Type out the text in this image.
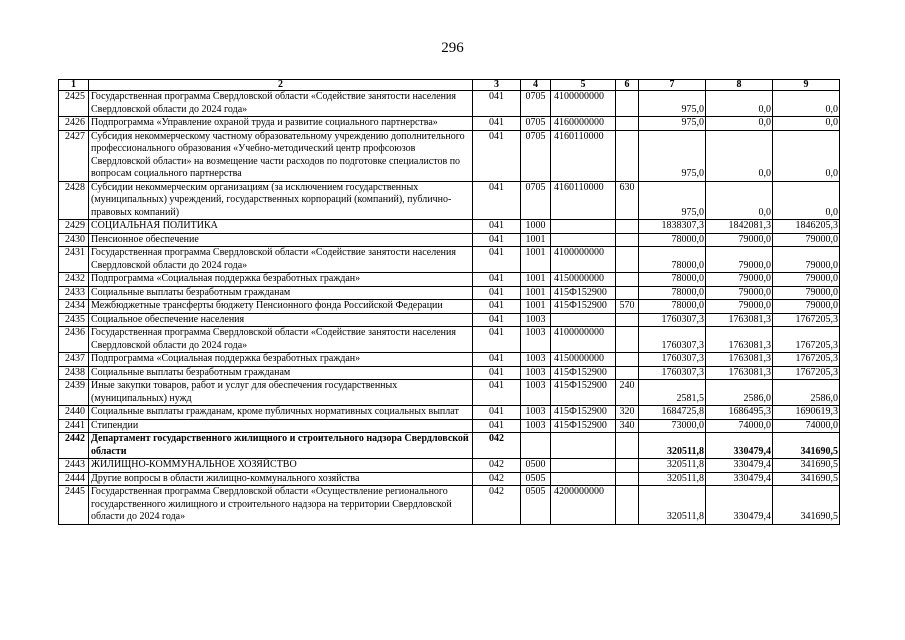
296
1	2	3	4	5	6	7	8	9
2425	Государственная программа Свердловской области «Содействие занятости населения Свердловской области до 2024 года»	041	0705	4100000000		975,0	0,0	0,0
2426	Подпрограмма «Управление охраной труда и развитие социального партнерства»	041	0705	4160000000		975,0	0,0	0,0
2427	Субсидия некоммерческому частному образовательному учреждению дополнительного профессионального образования «Учебно-методический центр профсоюзов Свердловской области» на возмещение части расходов по подготовке специалистов по вопросам социального партнерства	041	0705	4160110000		975,0	0,0	0,0
2428	Субсидии некоммерческим организациям (за исключением государственных (муниципальных) учреждений, государственных корпораций (компаний), публично-правовых компаний)	041	0705	4160110000	630	975,0	0,0	0,0
2429	СОЦИАЛЬНАЯ ПОЛИТИКА	041	1000			1838307,3	1842081,3	1846205,3
2430	Пенсионное обеспечение	041	1001			78000,0	79000,0	79000,0
2431	Государственная программа Свердловской области «Содействие занятости населения Свердловской области до 2024 года»	041	1001	4100000000		78000,0	79000,0	79000,0
2432	Подпрограмма «Социальная поддержка безработных граждан»	041	1001	4150000000		78000,0	79000,0	79000,0
2433	Социальные выплаты безработным гражданам	041	1001	415Ф152900		78000,0	79000,0	79000,0
2434	Межбюджетные трансферты бюджету Пенсионного фонда Российской Федерации	041	1001	415Ф152900	570	78000,0	79000,0	79000,0
2435	Социальное обеспечение населения	041	1003			1760307,3	1763081,3	1767205,3
2436	Государственная программа Свердловской области «Содействие занятости населения Свердловской области до 2024 года»	041	1003	4100000000		1760307,3	1763081,3	1767205,3
2437	Подпрограмма «Социальная поддержка безработных граждан»	041	1003	4150000000		1760307,3	1763081,3	1767205,3
2438	Социальные выплаты безработным гражданам	041	1003	415Ф152900		1760307,3	1763081,3	1767205,3
2439	Иные закупки товаров, работ и услуг для обеспечения государственных (муниципальных) нужд	041	1003	415Ф152900	240	2581,5	2586,0	2586,0
2440	Социальные выплаты гражданам, кроме публичных нормативных социальных выплат	041	1003	415Ф152900	320	1684725,8	1686495,3	1690619,3
2441	Стипендии	041	1003	415Ф152900	340	73000,0	74000,0	74000,0
2442	Департамент государственного жилищного и строительного надзора Свердловской области	042				320511,8	330479,4	341690,5
2443	ЖИЛИЩНО-КОММУНАЛЬНОЕ ХОЗЯЙСТВО	042	0500			320511,8	330479,4	341690,5
2444	Другие вопросы в области жилищно-коммунального хозяйства	042	0505			320511,8	330479,4	341690,5
2445	Государственная программа Свердловской области «Осуществление регионального государственного жилищного и строительного надзора на территории Свердловской области до 2024 года»	042	0505	4200000000		320511,8	330479,4	341690,5
